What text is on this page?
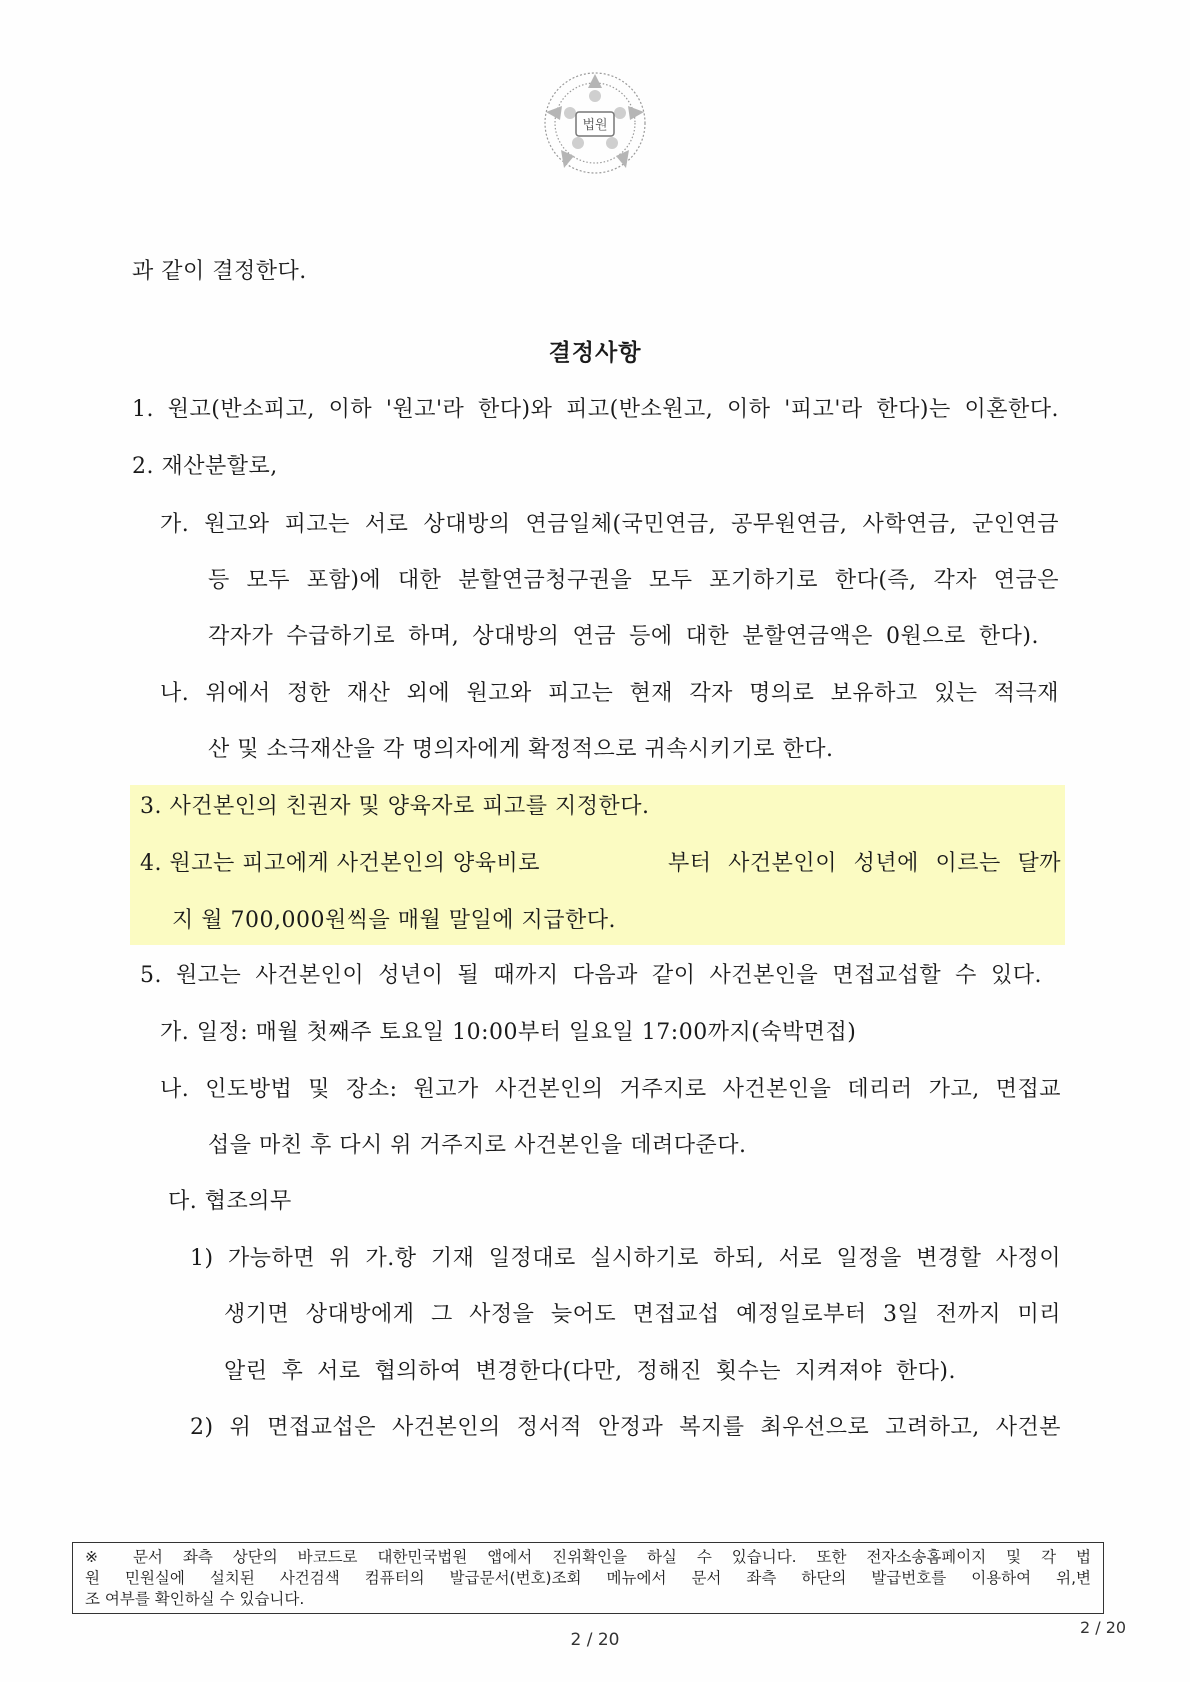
법원
과 같이 결정한다.
결정사항
1. 원고(반소피고, 이하 '원고'라 한다)와 피고(반소원고, 이하 '피고'라 한다)는 이혼한다.
2. 재산분할로,
가. 원고와 피고는 서로 상대방의 연금일체(국민연금, 공무원연금, 사학연금, 군인연금
등 모두 포함)에 대한 분할연금청구권을 모두 포기하기로 한다(즉, 각자 연금은
각자가 수급하기로 하며, 상대방의 연금 등에 대한 분할연금액은 0원으로 한다).
나. 위에서 정한 재산 외에 원고와 피고는 현재 각자 명의로 보유하고 있는 적극재
산 및 소극재산을 각 명의자에게 확정적으로 귀속시키기로 한다.
3. 사건본인의 친권자 및 양육자로 피고를 지정한다.
4. 원고는 피고에게 사건본인의 양육비로	부터 사건본인이 성년에 이르는 달까
지 월 700,000원씩을 매월 말일에 지급한다.
5. 원고는 사건본인이 성년이 될 때까지 다음과 같이 사건본인을 면접교섭할 수 있다.
가. 일정: 매월 첫째주 토요일 10:00부터 일요일 17:00까지(숙박면접)
나. 인도방법 및 장소: 원고가 사건본인의 거주지로 사건본인을 데리러 가고, 면접교
섭을 마친 후 다시 위 거주지로 사건본인을 데려다준다.
다. 협조의무
1) 가능하면 위 가.항 기재 일정대로 실시하기로 하되, 서로 일정을 변경할 사정이
생기면 상대방에게 그 사정을 늦어도 면접교섭 예정일로부터 3일 전까지 미리
알린 후 서로 협의하여 변경한다(다만, 정해진 횟수는 지켜져야 한다).
2) 위 면접교섭은 사건본인의 정서적 안정과 복지를 최우선으로 고려하고, 사건본
※ 문서 좌측 상단의 바코드로 대한민국법원 앱에서 진위확인을 하실 수 있습니다. 또한 전자소송홈페이지 및 각 법
원 민원실에 설치된 사건검색 컴퓨터의 발급문서(번호)조회 메뉴에서 문서 좌측 하단의 발급번호를 이용하여 위,변
조 여부를 확인하실 수 있습니다.
2 / 20
2 / 20
